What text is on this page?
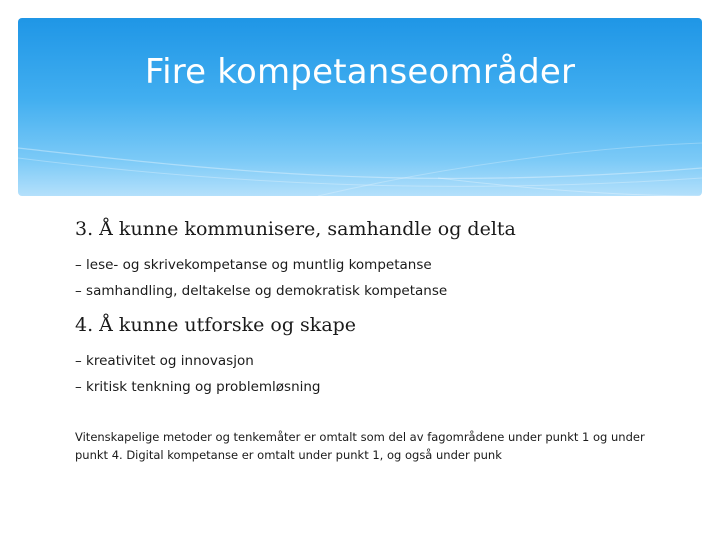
Fire kompetanseområder
3. Å kunne kommunisere, samhandle og delta
– lese- og skrivekompetanse og muntlig kompetanse
– samhandling, deltakelse og demokratisk kompetanse
4. Å kunne utforske og skape
– kreativitet og innovasjon
– kritisk tenkning og problemløsning

Vitenskapelige metoder og tenkemåter er omtalt som del av fagområdene under punkt 1 og under punkt 4. Digital kompetanse er omtalt under punkt 1, og også under punk
